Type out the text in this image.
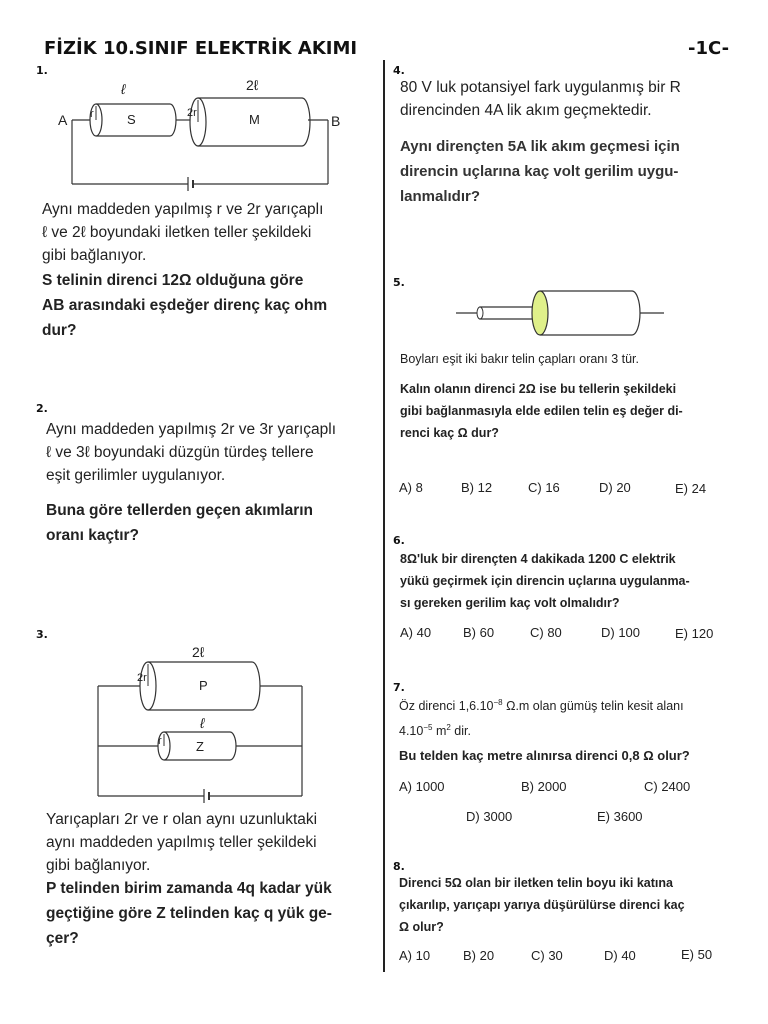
FİZİK 10.SINIF ELEKTRİK AKIMI	-1C-
1.
ℓ	2ℓ
A	B
r	S	2r	M
Aynı maddeden yapılmış r ve 2r yarıçaplı
ℓ ve 2ℓ boyundaki iletken teller şekildeki
gibi bağlanıyor.
S telinin direnci 12Ω olduğuna göre
AB arasındaki eşdeğer direnç kaç ohm
dur?
2.
Aynı maddeden yapılmış 2r ve 3r yarıçaplı
ℓ ve 3ℓ boyundaki düzgün türdeş tellere
eşit gerilimler uygulanıyor.
Buna göre tellerden geçen akımların
oranı kaçtır?
3.
2ℓ
2r	P
ℓ
r	Z
Yarıçapları 2r ve r olan aynı uzunluktaki
aynı maddeden yapılmış teller şekildeki
gibi bağlanıyor.
P telinden birim zamanda 4q kadar yük
geçtiğine göre Z telinden kaç q yük ge-
çer?
4.
80 V luk potansiyel fark uygulanmış bir R
direncinden 4A lik akım geçmektedir.
Aynı dirençten 5A lik akım geçmesi için
direncin uçlarına kaç volt gerilim uygu-
lanmalıdır?
5.
Boyları eşit iki bakır telin çapları oranı 3 tür.
Kalın olanın direnci 2Ω ise bu tellerin şekildeki
gibi bağlanmasıyla elde edilen telin eş değer di-
renci kaç Ω dur?
A) 8	B) 12	C) 16	D) 20	E) 24
6.
8Ω'luk bir dirençten 4 dakikada 1200 C elektrik
yükü geçirmek için direncin uçlarına uygulanma-
sı gereken gerilim kaç volt olmalıdır?
A) 40 B) 60	C) 80	D) 100	E) 120
7.
Öz direnci $1,6.10^{-8}$ Ω.m olan gümüş telin kesit alanı
$4.10^{-5}$ $m^2$ dir.
Bu telden kaç metre alınırsa direnci 0,8 Ω olur?
A) 1000	B) 2000	C) 2400
D) 3000	E) 3600
8.
Direnci 5Ω olan bir iletken telin boyu iki katına
çıkarılıp, yarıçapı yarıya düşürülürse direnci kaç
Ω olur?
A) 10	B) 20	C) 30	D) 40	E) 50
